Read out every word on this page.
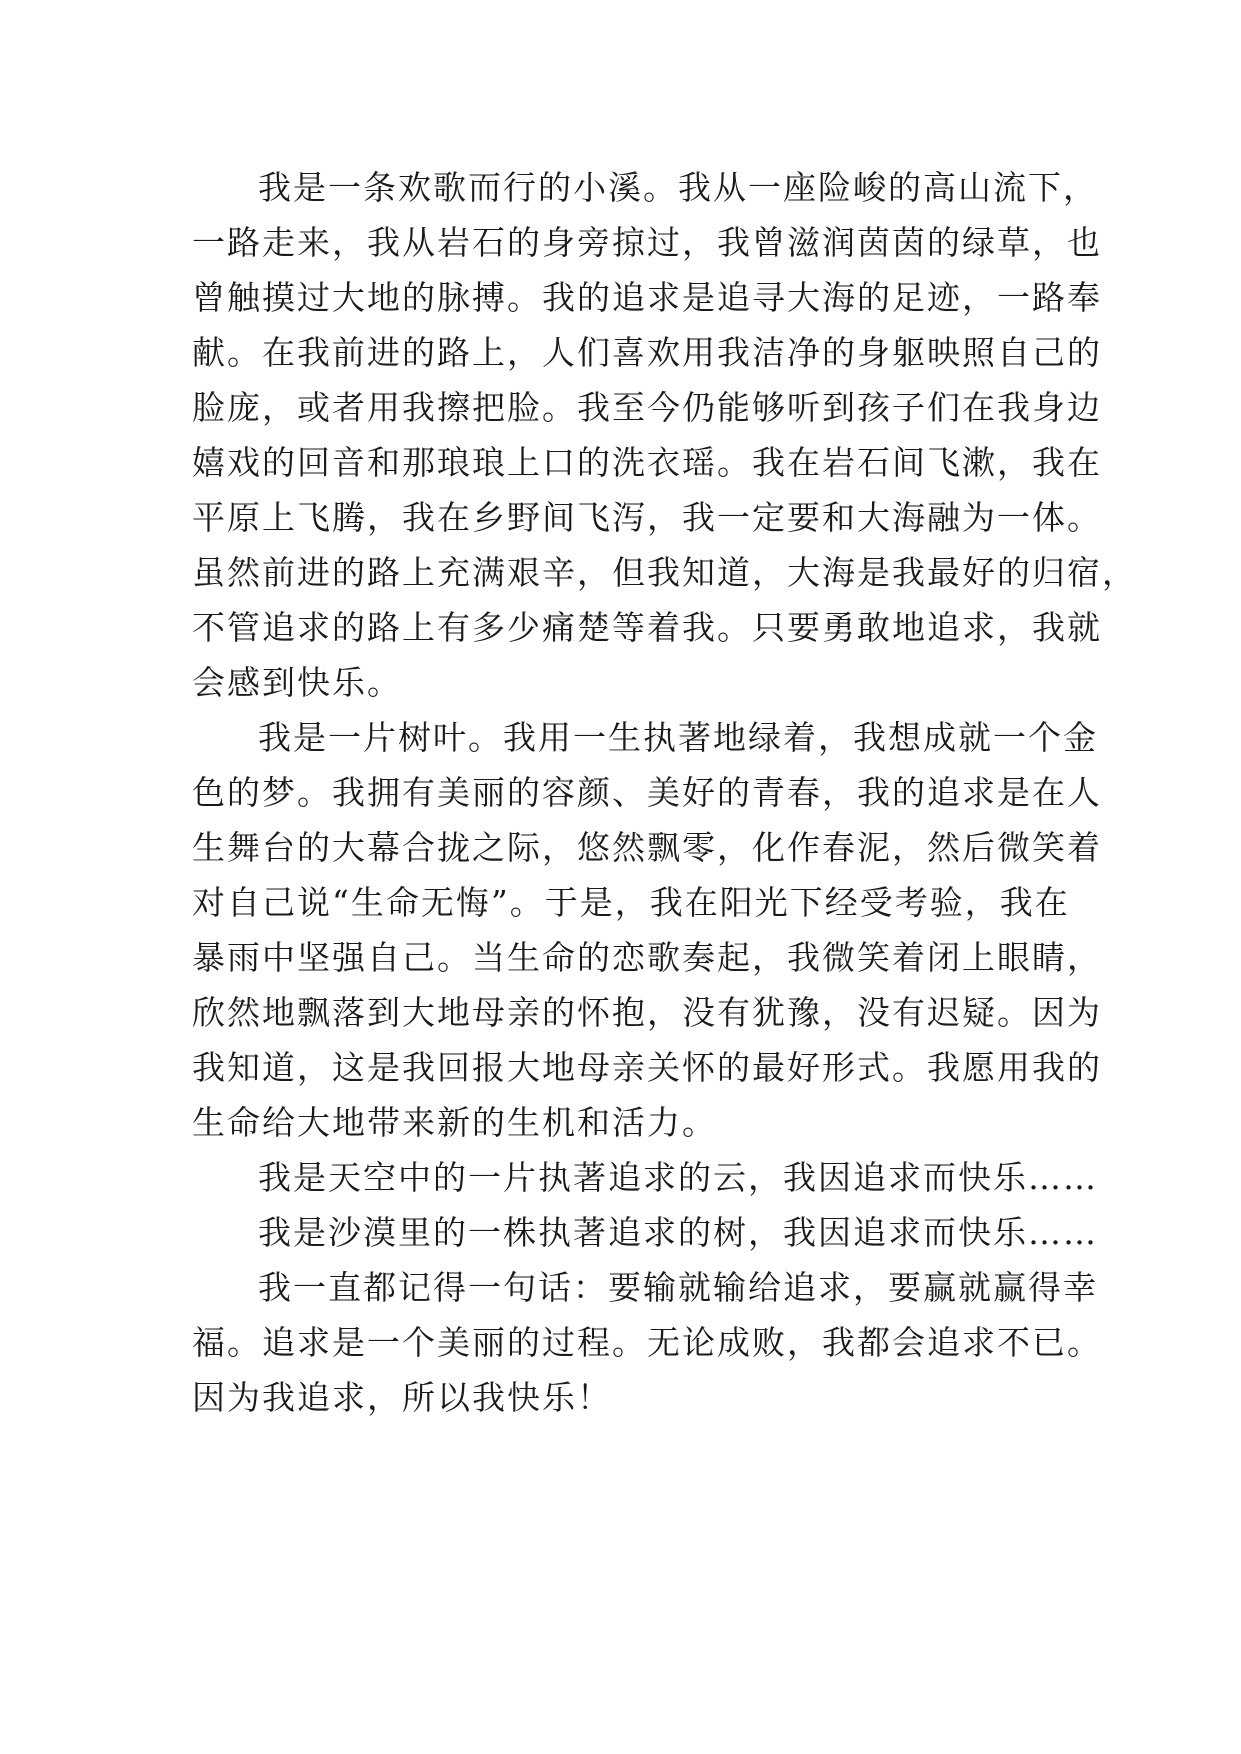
我是一条欢歌而行的小溪。我从一座险峻的高山流下，
一路走来，我从岩石的身旁掠过，我曾滋润茵茵的绿草，也
曾触摸过大地的脉搏。我的追求是追寻大海的足迹，一路奉
献。在我前进的路上，人们喜欢用我洁净的身躯映照自己的
脸庞，或者用我擦把脸。我至今仍能够听到孩子们在我身边
嬉戏的回音和那琅琅上口的洗衣瑶。我在岩石间飞漱，我在
平原上飞腾，我在乡野间飞泻，我一定要和大海融为一体。
虽然前进的路上充满艰辛，但我知道，大海是我最好的归宿，
不管追求的路上有多少痛楚等着我。只要勇敢地追求，我就
会感到快乐。
我是一片树叶。我用一生执著地绿着，我想成就一个金
色的梦。我拥有美丽的容颜、美好的青春，我的追求是在人
生舞台的大幕合拢之际，悠然飘零，化作春泥，然后微笑着
对自己说“生命无悔”。于是，我在阳光下经受考验，我在
暴雨中坚强自己。当生命的恋歌奏起，我微笑着闭上眼睛，
欣然地飘落到大地母亲的怀抱，没有犹豫，没有迟疑。因为
我知道，这是我回报大地母亲关怀的最好形式。我愿用我的
生命给大地带来新的生机和活力。
我是天空中的一片执著追求的云，我因追求而快乐……
我是沙漠里的一株执著追求的树，我因追求而快乐……
我一直都记得一句话：要输就输给追求，要赢就赢得幸
福。追求是一个美丽的过程。无论成败，我都会追求不已。
因为我追求，所以我快乐！
